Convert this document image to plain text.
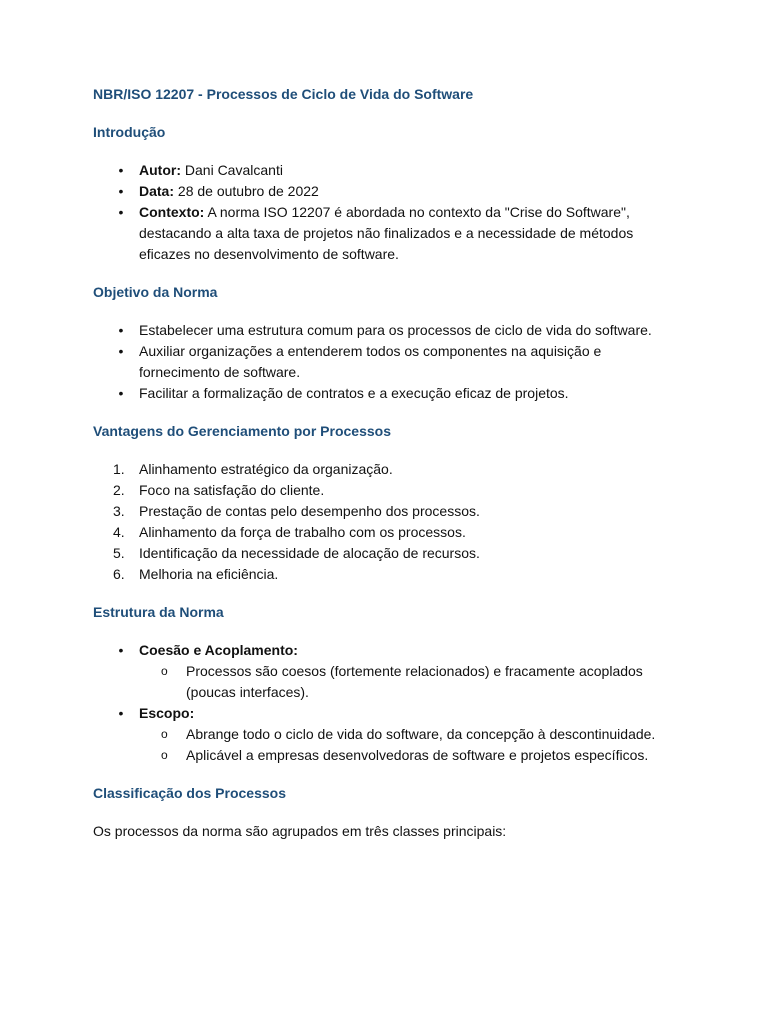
NBR/ISO 12207 - Processos de Ciclo de Vida do Software
Introdução
• Autor: Dani Cavalcanti
• Data: 28 de outubro de 2022
• Contexto: A norma ISO 12207 é abordada no contexto da "Crise do Software", destacando a alta taxa de projetos não finalizados e a necessidade de métodos eficazes no desenvolvimento de software.
Objetivo da Norma
• Estabelecer uma estrutura comum para os processos de ciclo de vida do software.
• Auxiliar organizações a entenderem todos os componentes na aquisição e fornecimento de software.
• Facilitar a formalização de contratos e a execução eficaz de projetos.
Vantagens do Gerenciamento por Processos
1.	Alinhamento estratégico da organização.
2.	Foco na satisfação do cliente.
3.	Prestação de contas pelo desempenho dos processos.
4.	Alinhamento da força de trabalho com os processos.
5.	Identificação da necessidade de alocação de recursos.
6.	Melhoria na eficiência.
Estrutura da Norma
• Coesão e Acoplamento:
o Processos são coesos (fortemente relacionados) e fracamente acoplados (poucas interfaces).
• Escopo:
o Abrange todo o ciclo de vida do software, da concepção à descontinuidade.
o Aplicável a empresas desenvolvedoras de software e projetos específicos.
Classificação dos Processos

Os processos da norma são agrupados em três classes principais:
